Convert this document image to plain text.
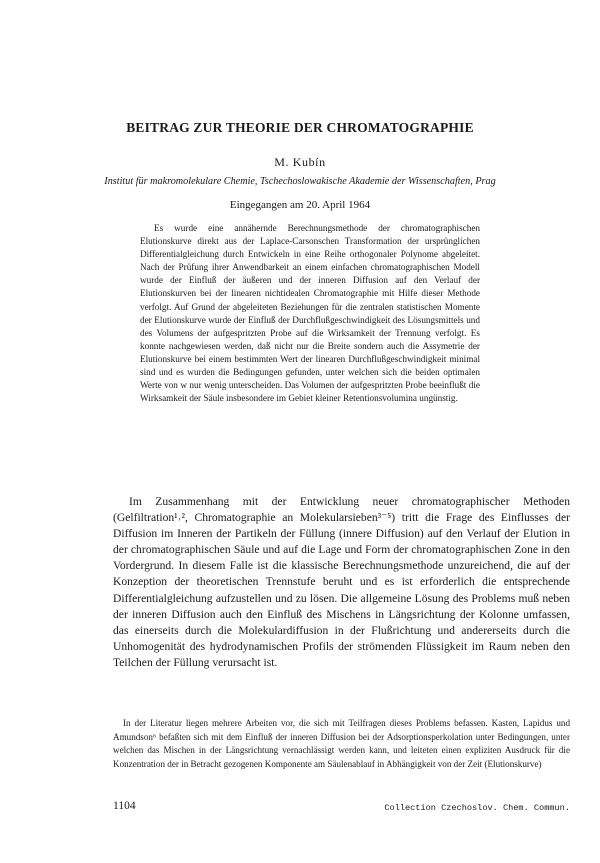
BEITRAG ZUR THEORIE DER CHROMATOGRAPHIE
M. Kubín
Institut für makromolekulare Chemie, Tschechoslowakische Akademie der Wissenschaften, Prag
Eingegangen am 20. April 1964

Es wurde eine annähernde Berechnungsmethode der chromatographischen Elutionskurve direkt aus der Laplace-Carsonschen Transformation der ursprünglichen Differentialgleichung durch Entwickeln in eine Reihe orthogonaler Polynome abgeleitet. Nach der Prüfung ihrer Anwendbarkeit an einem einfachen chromatographischen Modell wurde der Einfluß der äußeren und der inneren Diffusion auf den Verlauf der Elutionskurven bei der linearen nichtidealen Chromatographie mit Hilfe dieser Methode verfolgt. Auf Grund der abgeleiteten Beziehungen für die zentralen statistischen Momente der Elutionskurve wurde der Einfluß der Durchflußgeschwindigkeit des Lösungsmittels und des Volumens der aufgespritzten Probe auf die Wirksamkeit der Trennung verfolgt. Es konnte nachgewiesen werden, daß nicht nur die Breite sondern auch die Assymetrie der Elutionskurve bei einem bestimmten Wert der linearen Durchflußgeschwindigkeit minimal sind und es wurden die Bedingungen gefunden, unter welchen sich die beiden optimalen Werte von w nur wenig unterscheiden. Das Volumen der aufgespritzten Probe beeinflußt die Wirksamkeit der Säule insbesondere im Gebiet kleiner Retentionsvolumina ungünstig.

Im Zusammenhang mit der Entwicklung neuer chromatographischer Methoden (Gelfiltration¹˒², Chromatographie an Molekularsieben³⁻⁵) tritt die Frage des Einflusses der Diffusion im Inneren der Partikeln der Füllung (innere Diffusion) auf den Verlauf der Elution in der chromatographischen Säule und auf die Lage und Form der chromatographischen Zone in den Vordergrund. In diesem Falle ist die klassische Berechnungsmethode unzureichend, die auf der Konzeption der theoretischen Trennstufe beruht und es ist erforderlich die entsprechende Differentialgleichung aufzustellen und zu lösen. Die allgemeine Lösung des Problems muß neben der inneren Diffusion auch den Einfluß des Mischens in Längsrichtung der Kolonne umfassen, das einerseits durch die Molekulardiffusion in der Flußrichtung und andererseits durch die Unhomogenität des hydrodynamischen Profils der strömenden Flüssigkeit im Raum neben den Teilchen der Füllung verursacht ist.

In der Literatur liegen mehrere Arbeiten vor, die sich mit Teilfragen dieses Problems befassen. Kasten, Lapidus und Amundson⁶ befaßten sich mit dem Einfluß der inneren Diffusion bei der Adsorptionsperkolation unter Bedingungen, unter welchen das Mischen in der Längsrichtung vernachlässigt werden kann, und leiteten einen expliziten Ausdruck für die Konzentration der in Betracht gezogenen Komponente am Säulenablauf in Abhängigkeit von der Zeit (Elutionskurve)

1104	Collection Czechoslov. Chem. Commun.
